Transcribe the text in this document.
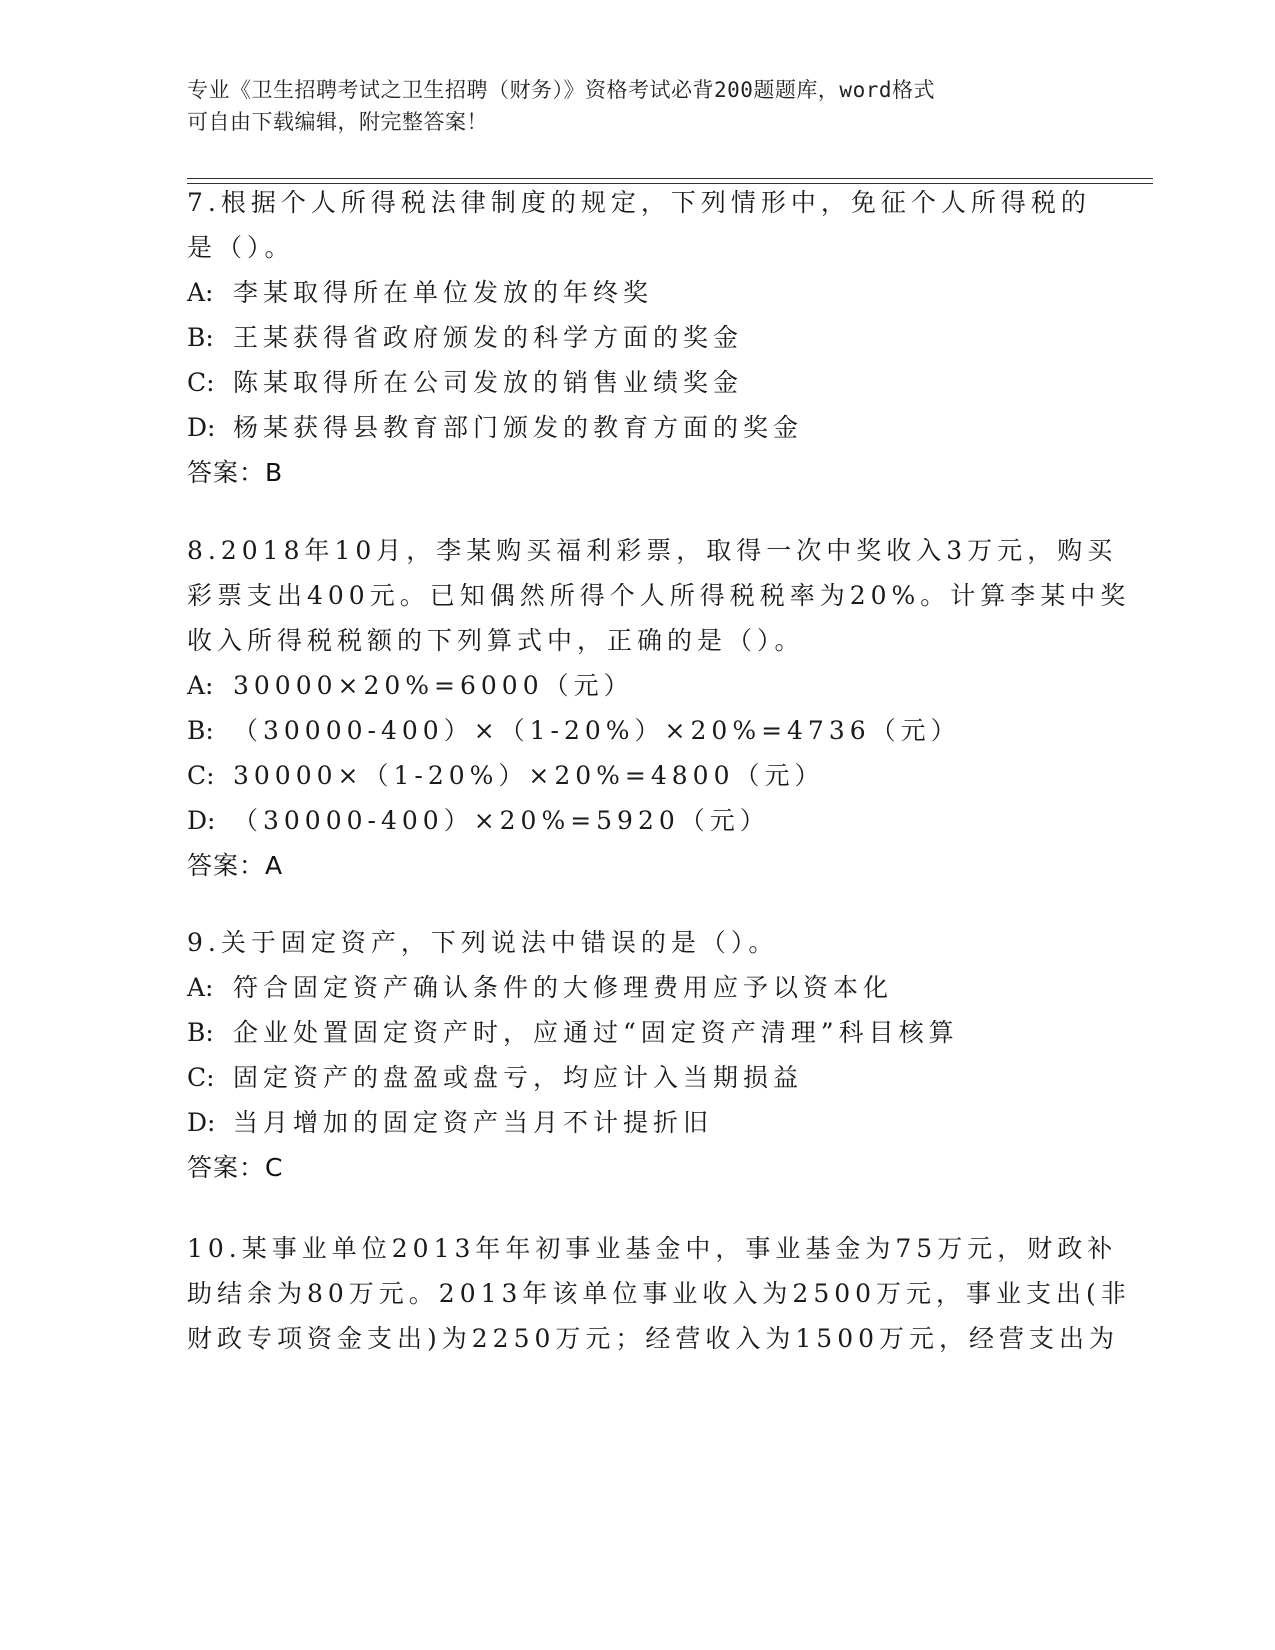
专业《卫生招聘考试之卫生招聘（财务）》资格考试必背200题题库，word格式
可自由下载编辑，附完整答案！
7.根据个人所得税法律制度的规定，下列情形中，免征个人所得税的
是（）。
A: 李某取得所在单位发放的年终奖
B: 王某获得省政府颁发的科学方面的奖金
C: 陈某取得所在公司发放的销售业绩奖金
D: 杨某获得县教育部门颁发的教育方面的奖金
答案：B
8.2018年10月，李某购买福利彩票，取得一次中奖收入3万元，购买
彩票支出400元。已知偶然所得个人所得税税率为20%。计算李某中奖
收入所得税税额的下列算式中，正确的是（）。
A: 30000×20%=6000（元）
B: （30000-400）×（1-20%）×20%=4736（元）
C: 30000×（1-20%）×20%=4800（元）
D: （30000-400）×20%=5920（元）
答案：A
9.关于固定资产，下列说法中错误的是（）。
A: 符合固定资产确认条件的大修理费用应予以资本化
B: 企业处置固定资产时，应通过“固定资产清理”科目核算
C: 固定资产的盘盈或盘亏，均应计入当期损益
D: 当月增加的固定资产当月不计提折旧
答案：C
10.某事业单位2013年年初事业基金中，事业基金为75万元，财政补
助结余为80万元。2013年该单位事业收入为2500万元，事业支出(非
财政专项资金支出)为2250万元；经营收入为1500万元，经营支出为
